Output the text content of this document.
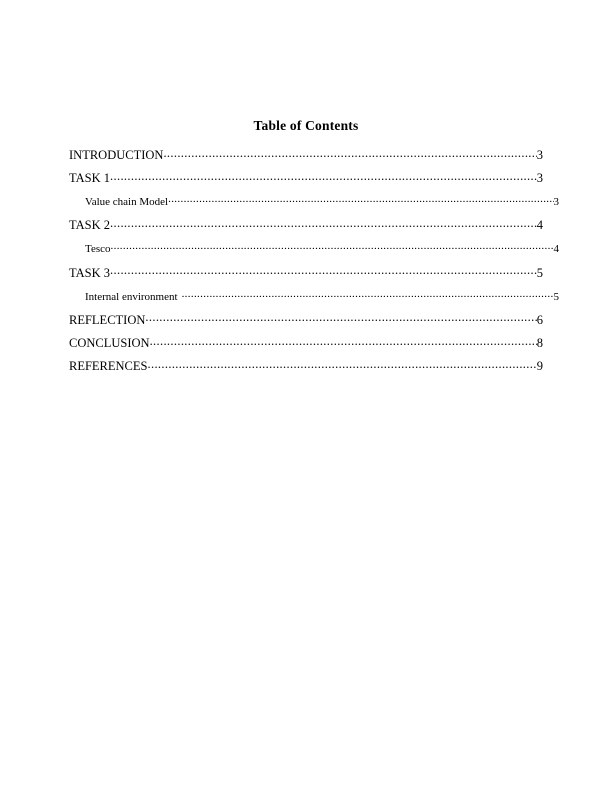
Table of Contents
INTRODUCTION .....	3
TASK 1 .....	3
Value chain Model .....	3
TASK 2 .....	4
Tesco .....	4
TASK 3 .....	5
Internal environment .....	5
REFLECTION .....	6
CONCLUSION .....	8
REFERENCES .....	9
